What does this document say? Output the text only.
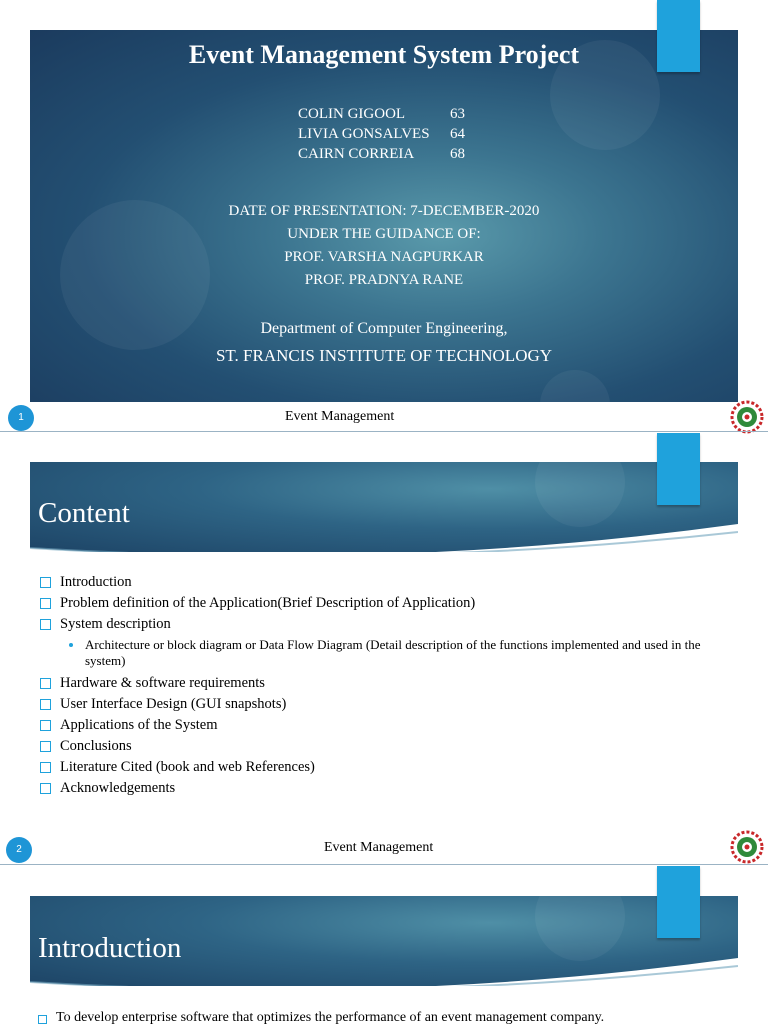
Event Management System Project
COLIN GIGOOL	63
LIVIA GONSALVES	64
CAIRN CORREIA	68
DATE OF PRESENTATION: 7-DECEMBER-2020
UNDER THE GUIDANCE OF:
PROF. VARSHA NAGPURKAR
PROF. PRADNYA RANE
Department of Computer Engineering,
ST. FRANCIS INSTITUTE OF TECHNOLOGY
1	Event Management
Content
Introduction
Problem definition of the Application(Brief Description of Application)
System description
Architecture or block diagram or Data Flow Diagram (Detail description of the functions implemented and used in the system)
Hardware & software requirements
User Interface Design (GUI snapshots)
Applications of the System
Conclusions
Literature Cited (book and web References)
Acknowledgements
2	Event Management
Introduction
To develop enterprise software that optimizes the performance of an event management company.
